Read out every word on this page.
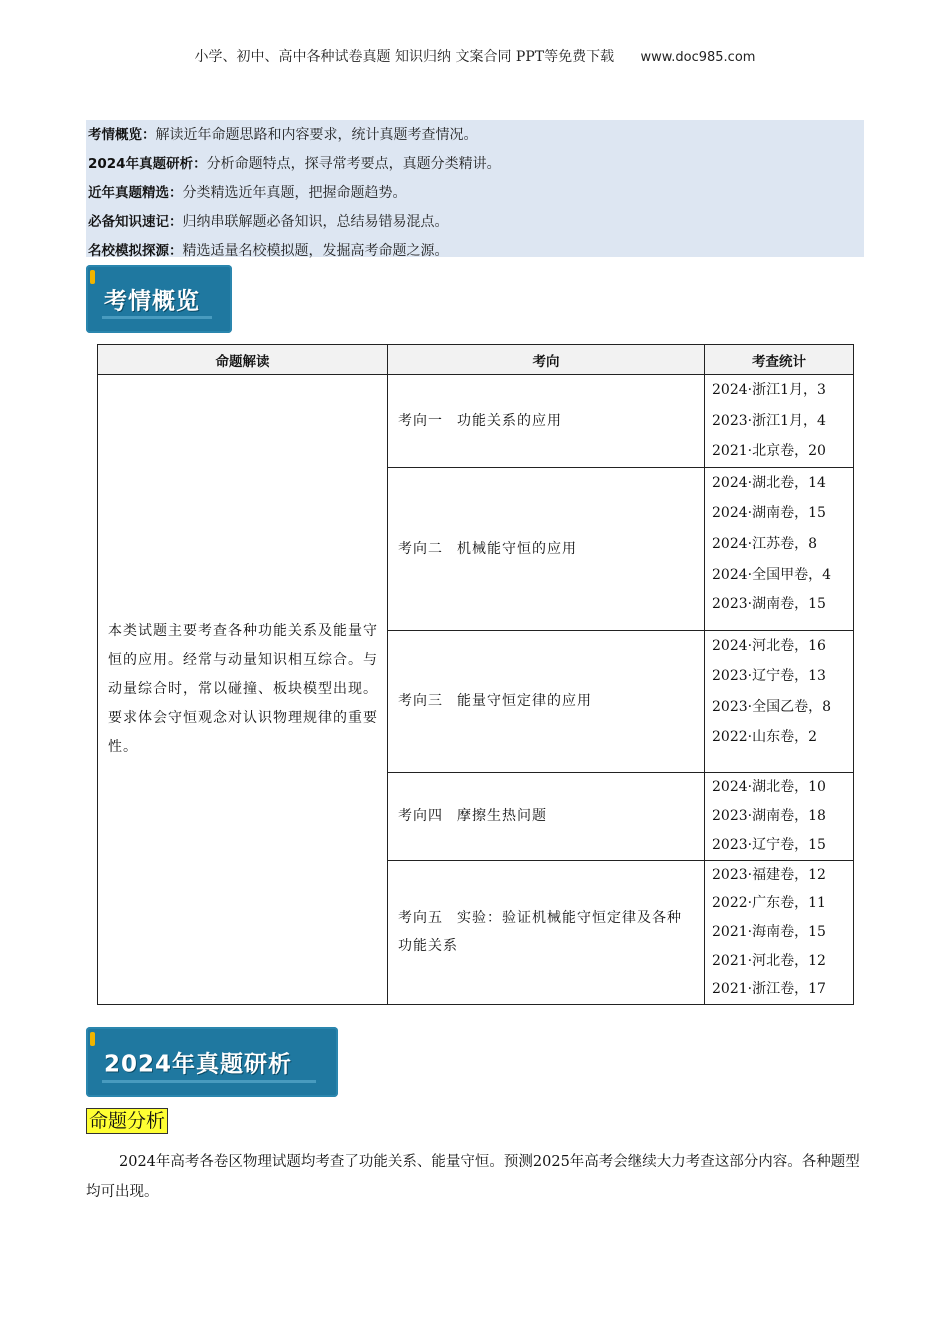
小学、初中、高中各种试卷真题 知识归纳 文案合同 PPT等免费下载 www.doc985.com
考情概览：解读近年命题思路和内容要求，统计真题考查情况。
2024年真题研析：分析命题特点，探寻常考要点，真题分类精讲。
近年真题精选：分类精选近年真题，把握命题趋势。
必备知识速记：归纳串联解题必备知识，总结易错易混点。
名校模拟探源：精选适量名校模拟题，发掘高考命题之源。
考情概览
命题解读	考向	考查统计
本类试题主要考查各种功能关系及能量守恒的应用。经常与动量知识相互综合。与动量综合时，常以碰撞、板块模型出现。要求体会守恒观念对认识物理规律的重要性。	考向一 功能关系的应用	2024·浙江1月，3
2023·浙江1月，4
2021·北京卷，20

	考向二 机械能守恒的应用	2024·湖北卷，14
2024·湖南卷，15
2024·江苏卷，8
2024·全国甲卷，4
2023·湖南卷，15

	考向三 能量守恒定律的应用	2024·河北卷，16
2023·辽宁卷，13
2023·全国乙卷，8
2022·山东卷，2

	考向四 摩擦生热问题	2024·湖北卷，10
2023·湖南卷，18
2023·辽宁卷，15

	考向五 实验：验证机械能守恒定律及各种功能关系	2023·福建卷，12
2022·广东卷，11
2021·海南卷，15
2021·河北卷，12
2021·浙江卷，17
2024年真题研析
命题分析
2024年高考各卷区物理试题均考查了功能关系、能量守恒。预测2025年高考会继续大力考查这部分内容。各种题型均可出现。
